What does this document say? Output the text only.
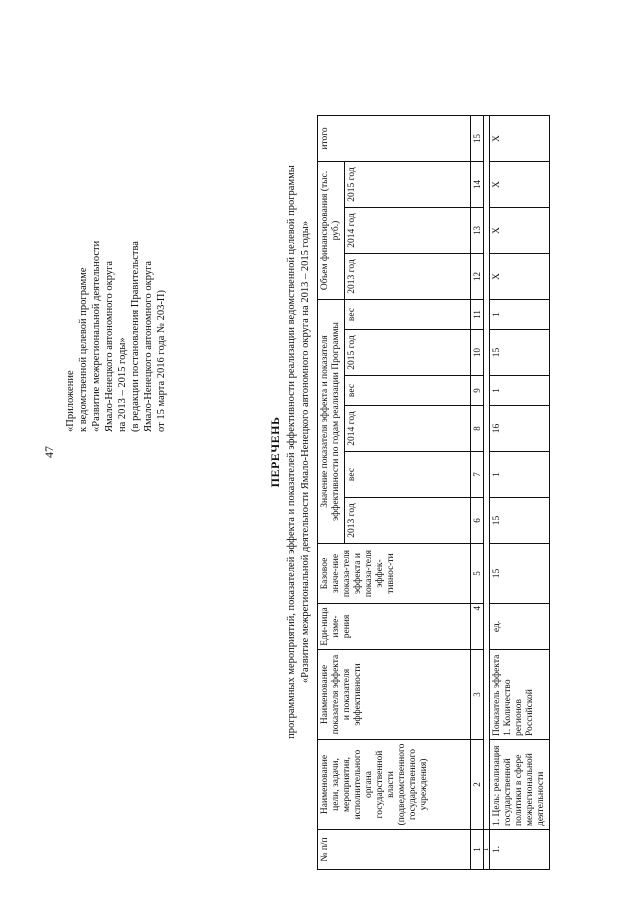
47
«Приложение к ведомственной целевой программе «Развитие межрегиональной деятельности Ямало-Ненецкого автономного округа на 2013 – 2015 годы» (в редакции постановления Правительства Ямало-Ненецкого автономного округа от 15 марта 2016 года № 203-П)
ПЕРЕЧЕНЬ программных мероприятий, показателей эффекта и показателей эффективности реализации ведомственной целевой программы «Развитие межрегиональной деятельности Ямало-Ненецкого автономного округа на 2013 – 2015 годы»
№ п/п	Наименование цели, задачи, мероприятия, исполнительного органа государственной власти (подведомственного государственного учреждения)	Наименование показателя эффекта и показателя эффективности	Еди-ница изме-рения	Базовое значе-ние показа-теля эффекта и показа-теля эффек-тивнос-ти	Значение показателя эффекта и показателя эффективности по годам реализации Программы						Объем финансирования (тыс. руб.)			итого
					2013 год	вес	2014 год	вес	2015 год	вес	2013 год	2014 год	2015 год	

1	2	3	4	5	6	7	8	9	10	11	12	13	14	15
1														
1.	1. Цель: реализация государственной политики в сфере межрегиональной деятельности	Показатель эффекта 1. Количество регионов Российской	ед.	15	15	1	16	1	15	1	X	X	X	X
